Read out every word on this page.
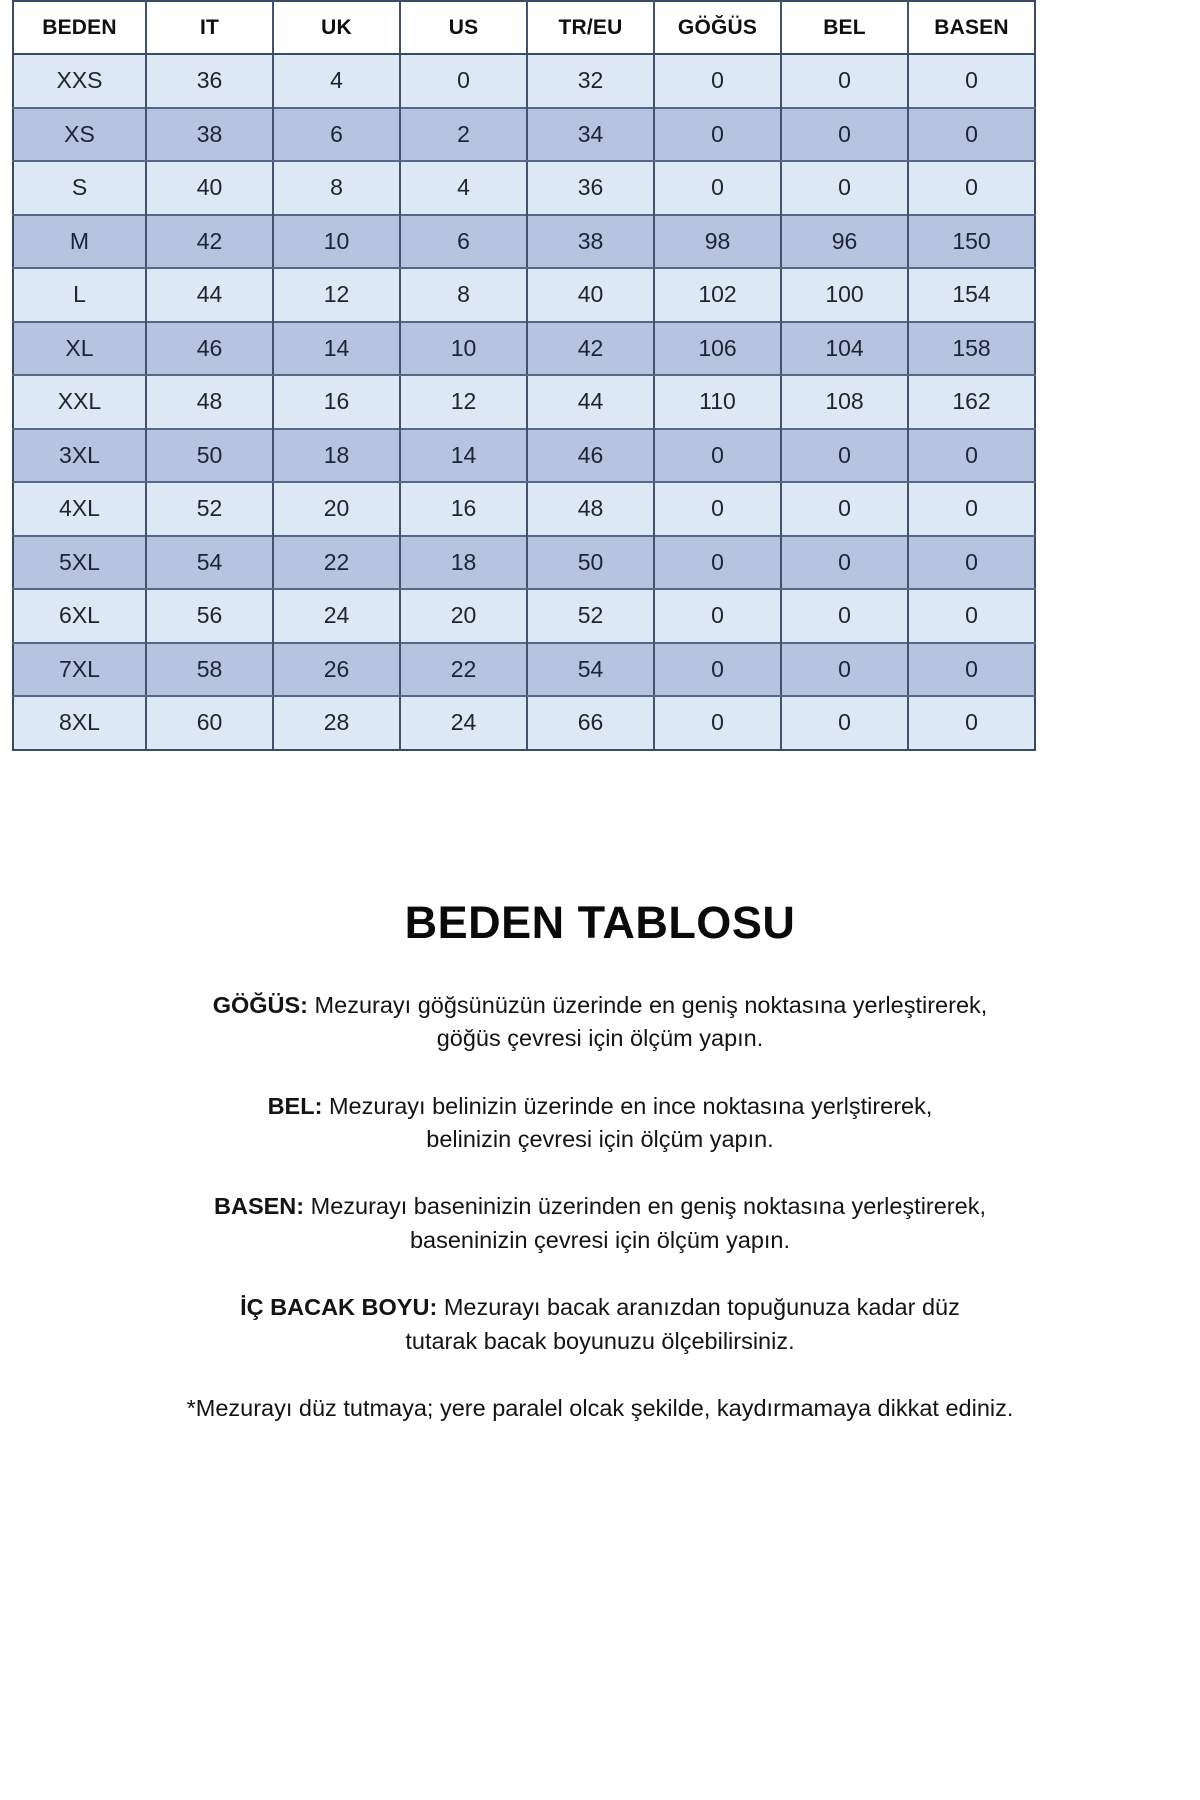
BEDEN	IT	UK	US	TR/EU	GÖĞÜS	BEL	BASEN
XXS	36	4	0	32	0	0	0
XS	38	6	2	34	0	0	0
S	40	8	4	36	0	0	0
M	42	10	6	38	98	96	150
L	44	12	8	40	102	100	154
XL	46	14	10	42	106	104	158
XXL	48	16	12	44	110	108	162
3XL	50	18	14	46	0	0	0
4XL	52	20	16	48	0	0	0
5XL	54	22	18	50	0	0	0
6XL	56	24	20	52	0	0	0
7XL	58	26	22	54	0	0	0
8XL	60	28	24	66	0	0	0
BEDEN TABLOSU

GÖĞÜS: Mezurayı göğsünüzün üzerinde en geniş noktasına yerleştirerek,
göğüs çevresi için ölçüm yapın.

BEL: Mezurayı belinizin üzerinde en ince noktasına yerlştirerek,
belinizin çevresi için ölçüm yapın.

BASEN: Mezurayı baseninizin üzerinden en geniş noktasına yerleştirerek,
baseninizin çevresi için ölçüm yapın.

İÇ BACAK BOYU: Mezurayı bacak aranızdan topuğunuza kadar düz
tutarak bacak boyunuzu ölçebilirsiniz.

*Mezurayı düz tutmaya; yere paralel olcak şekilde, kaydırmamaya dikkat ediniz.
